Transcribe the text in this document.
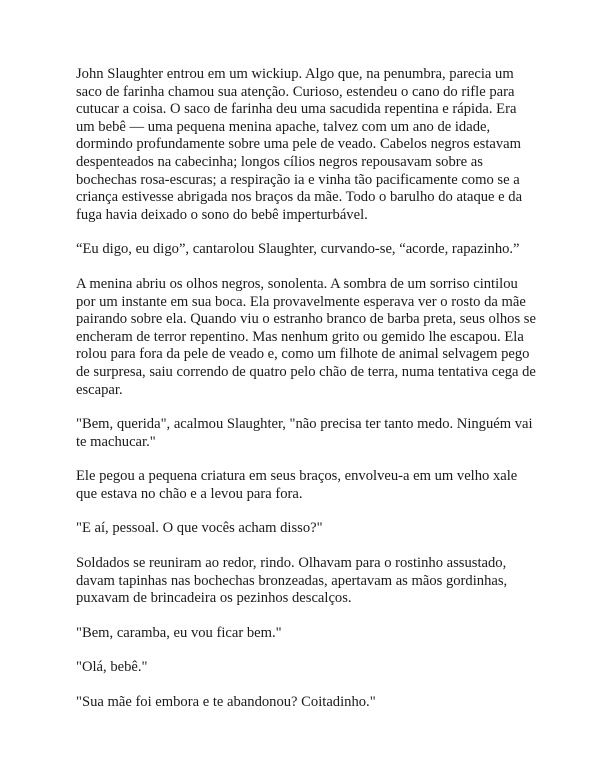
John Slaughter entrou em um wickiup. Algo que, na penumbra, parecia um saco de farinha chamou sua atenção. Curioso, estendeu o cano do rifle para cutucar a coisa. O saco de farinha deu uma sacudida repentina e rápida. Era um bebê — uma pequena menina apache, talvez com um ano de idade, dormindo profundamente sobre uma pele de veado. Cabelos negros estavam despenteados na cabecinha; longos cílios negros repousavam sobre as bochechas rosa-escuras; a respiração ia e vinha tão pacificamente como se a criança estivesse abrigada nos braços da mãe. Todo o barulho do ataque e da fuga havia deixado o sono do bebê imperturbável.

“Eu digo, eu digo”, cantarolou Slaughter, curvando-se, “acorde, rapazinho.”

A menina abriu os olhos negros, sonolenta. A sombra de um sorriso cintilou por um instante em sua boca. Ela provavelmente esperava ver o rosto da mãe pairando sobre ela. Quando viu o estranho branco de barba preta, seus olhos se encheram de terror repentino. Mas nenhum grito ou gemido lhe escapou. Ela rolou para fora da pele de veado e, como um filhote de animal selvagem pego de surpresa, saiu correndo de quatro pelo chão de terra, numa tentativa cega de escapar.

"Bem, querida", acalmou Slaughter, "não precisa ter tanto medo. Ninguém vai te machucar."

Ele pegou a pequena criatura em seus braços, envolveu-a em um velho xale que estava no chão e a levou para fora.

"E aí, pessoal. O que vocês acham disso?"

Soldados se reuniram ao redor, rindo. Olhavam para o rostinho assustado, davam tapinhas nas bochechas bronzeadas, apertavam as mãos gordinhas, puxavam de brincadeira os pezinhos descalços.

"Bem, caramba, eu vou ficar bem."

"Olá, bebê."

"Sua mãe foi embora e te abandonou? Coitadinho."
